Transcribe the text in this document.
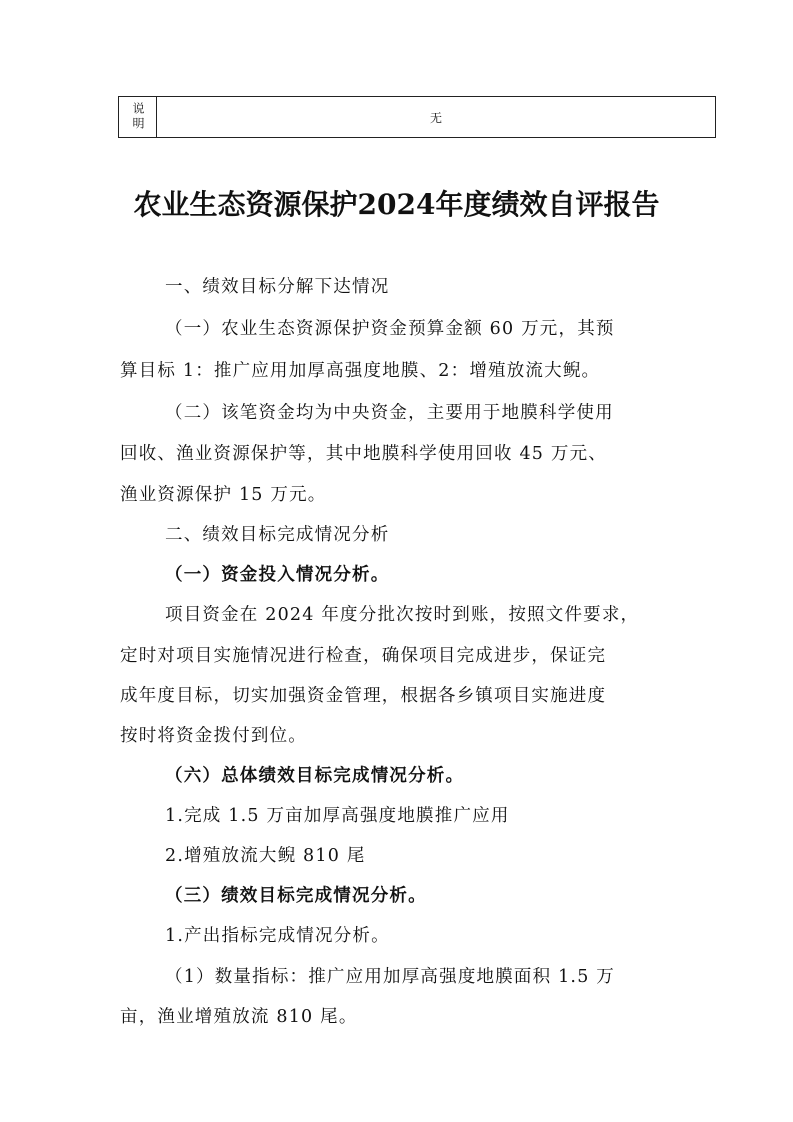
说明	无
农业生态资源保护2024年度绩效自评报告
一、绩效目标分解下达情况
（一）农业生态资源保护资金预算金额 60 万元，其预
算目标 1：推广应用加厚高强度地膜、2：增殖放流大鲵。
（二）该笔资金均为中央资金，主要用于地膜科学使用
回收、渔业资源保护等，其中地膜科学使用回收 45 万元、
渔业资源保护 15 万元。
二、绩效目标完成情况分析
（一）资金投入情况分析。
项目资金在 2024 年度分批次按时到账，按照文件要求，
定时对项目实施情况进行检查，确保项目完成进步，保证完
成年度目标，切实加强资金管理，根据各乡镇项目实施进度
按时将资金拨付到位。
（六）总体绩效目标完成情况分析。
1.完成 1.5 万亩加厚高强度地膜推广应用
2.增殖放流大鲵 810 尾
（三）绩效目标完成情况分析。
1.产出指标完成情况分析。
（1）数量指标：推广应用加厚高强度地膜面积 1.5 万
亩，渔业增殖放流 810 尾。
